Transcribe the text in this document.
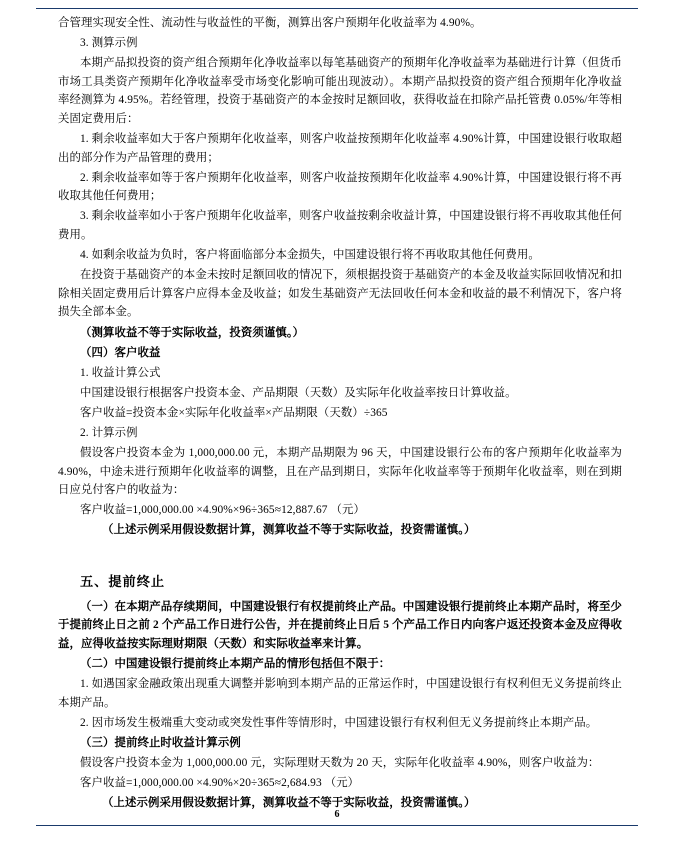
合管理实现安全性、流动性与收益性的平衡，测算出客户预期年化收益率为 4.90%。

3. 测算示例

本期产品拟投资的资产组合预期年化净收益率以每笔基础资产的预期年化净收益率为基础进行计算（但货币市场工具类资产预期年化净收益率受市场变化影响可能出现波动）。本期产品拟投资的资产组合预期年化净收益率经测算为 4.95%。若经管理，投资于基础资产的本金按时足额回收，获得收益在扣除产品托管费 0.05%/年等相关固定费用后：

1. 剩余收益率如大于客户预期年化收益率，则客户收益按预期年化收益率 4.90%计算，中国建设银行收取超出的部分作为产品管理的费用；

2. 剩余收益率如等于客户预期年化收益率，则客户收益按预期年化收益率 4.90%计算，中国建设银行将不再收取其他任何费用；

3. 剩余收益率如小于客户预期年化收益率，则客户收益按剩余收益计算，中国建设银行将不再收取其他任何费用。

4. 如剩余收益为负时，客户将面临部分本金损失，中国建设银行将不再收取其他任何费用。

在投资于基础资产的本金未按时足额回收的情况下，须根据投资于基础资产的本金及收益实际回收情况和扣除相关固定费用后计算客户应得本金及收益；如发生基础资产无法回收任何本金和收益的最不利情况下，客户将损失全部本金。

（测算收益不等于实际收益，投资须谨慎。）

（四）客户收益

1. 收益计算公式

中国建设银行根据客户投资本金、产品期限（天数）及实际年化收益率按日计算收益。

客户收益=投资本金×实际年化收益率×产品期限（天数）÷365

2. 计算示例

假设客户投资本金为 1,000,000.00 元，本期产品期限为 96 天，中国建设银行公布的客户预期年化收益率为 4.90%，中途未进行预期年化收益率的调整，且在产品到期日，实际年化收益率等于预期年化收益率，则在到期日应兑付客户的收益为：

客户收益=1,000,000.00 ×4.90%×96÷365≈12,887.67 （元）

（上述示例采用假设数据计算，测算收益不等于实际收益，投资需谨慎。）

五、提前终止

（一）在本期产品存续期间，中国建设银行有权提前终止产品。中国建设银行提前终止本期产品时，将至少于提前终止日之前 2 个产品工作日进行公告，并在提前终止日后 5 个产品工作日内向客户返还投资本金及应得收益，应得收益按实际理财期限（天数）和实际收益率来计算。

（二）中国建设银行提前终止本期产品的情形包括但不限于：

1. 如遇国家金融政策出现重大调整并影响到本期产品的正常运作时，中国建设银行有权利但无义务提前终止本期产品。

2. 因市场发生极端重大变动或突发性事件等情形时，中国建设银行有权利但无义务提前终止本期产品。

（三）提前终止时收益计算示例

假设客户投资本金为 1,000,000.00 元，实际理财天数为 20 天，实际年化收益率 4.90%，则客户收益为：

客户收益=1,000,000.00 ×4.90%×20÷365≈2,684.93 （元）

（上述示例采用假设数据计算，测算收益不等于实际收益，投资需谨慎。）

6
